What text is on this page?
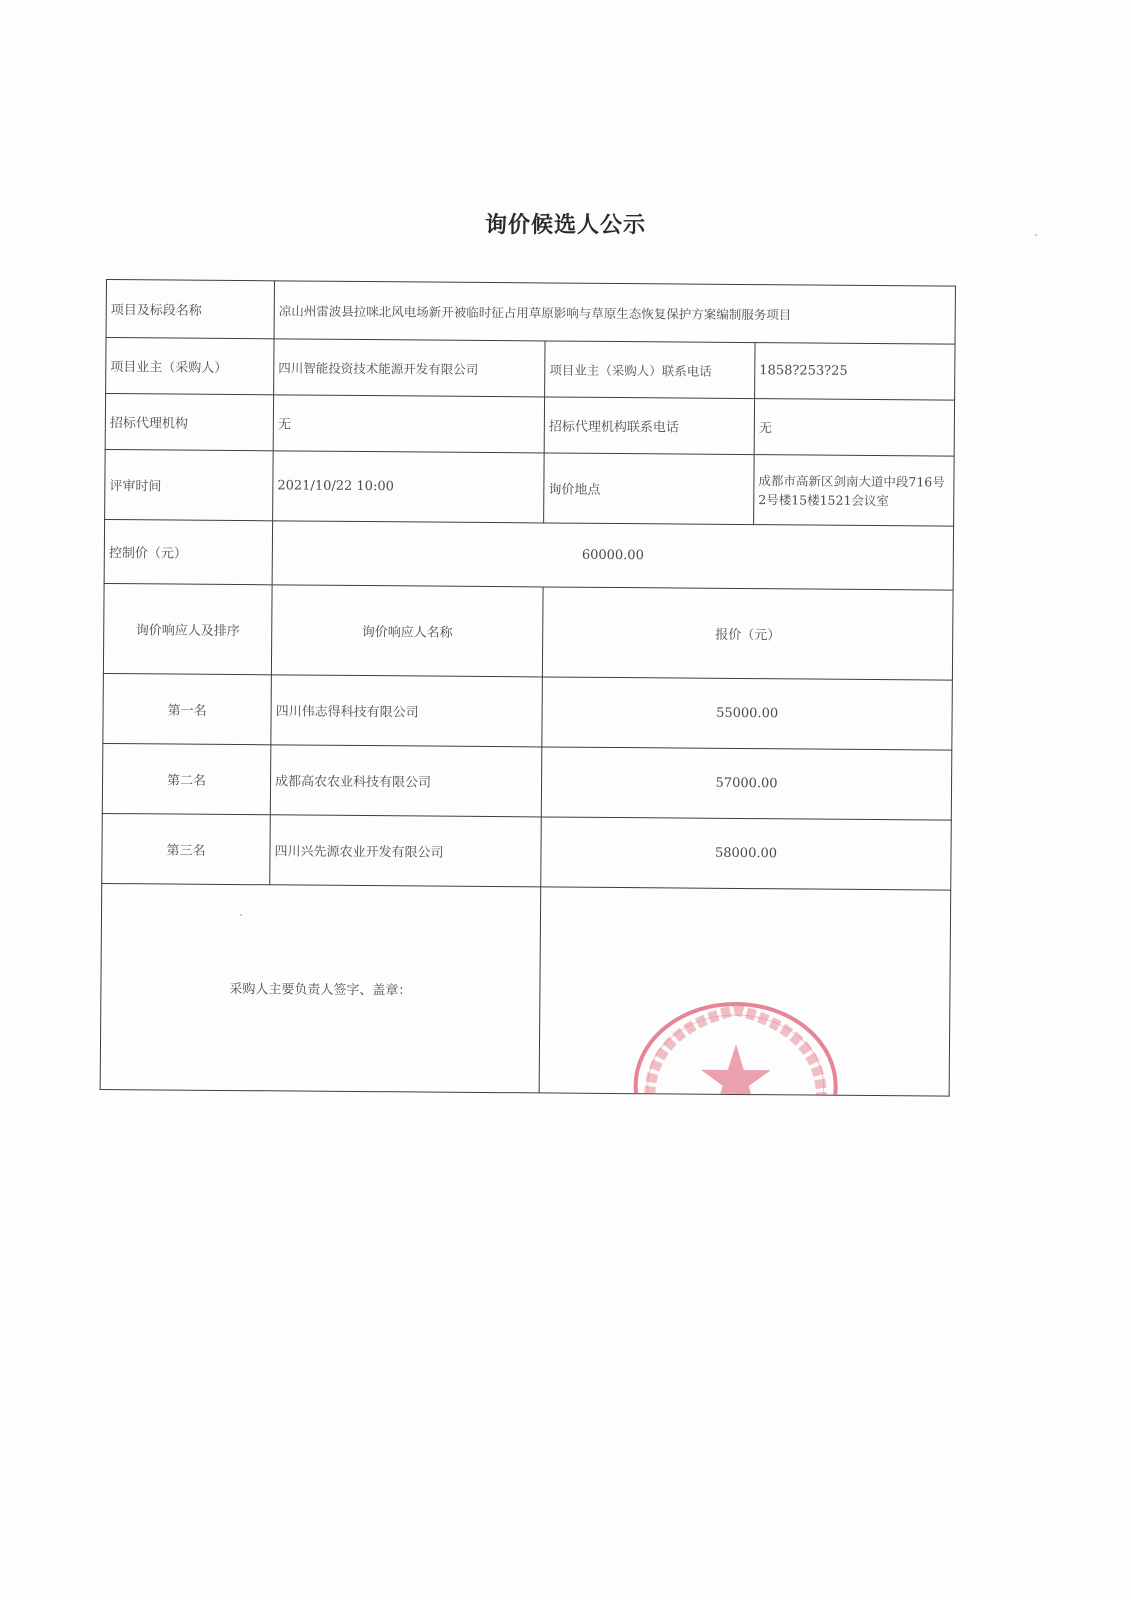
询价候选人公示
项目及标段名称	凉山州雷波县拉咪北风电场新开被临时征占用草原影响与草原生态恢复保护方案编制服务项目		
项目业主（采购人）	四川智能投资技术能源开发有限公司	项目业主（采购人）联系电话	1858?253?25
招标代理机构	无	招标代理机构联系电话	无
评审时间	2021/10/22 10:00	询价地点	成都市高新区剑南大道中段716号2号楼15楼1521会议室
控制价（元）	60000.00		
询价响应人及排序	询价响应人名称	报价（元）	
第一名	四川伟志得科技有限公司	55000.00	
第二名	成都高农农业科技有限公司	57000.00	
第三名	四川兴先源农业开发有限公司	58000.00	
采购人主要负责人签字、盖章：		5134375000545	
